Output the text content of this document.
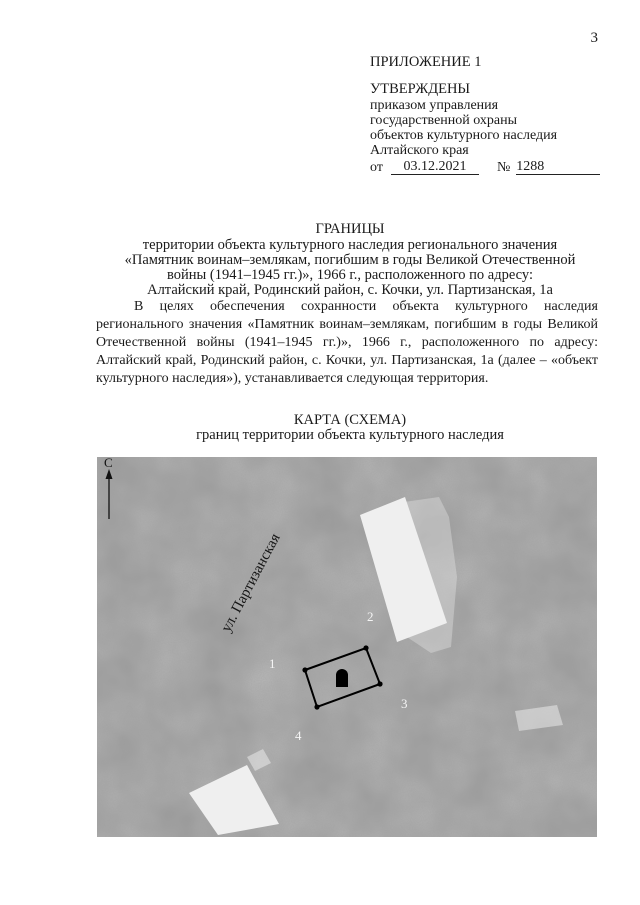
3
ПРИЛОЖЕНИЕ 1
УТВЕРЖДЕНЫ
приказом управления
государственной охраны
объектов культурного наследия
Алтайского края
от	03.12.2021	№ 1288
ГРАНИЦЫ
территории объекта культурного наследия регионального значения
«Памятник воинам–землякам, погибшим в годы Великой Отечественной
войны (1941–1945 гг.)», 1966 г., расположенного по адресу:
Алтайский край, Родинский район, с. Кочки, ул. Партизанская, 1а
В целях обеспечения сохранности объекта культурного наследия регионального значения «Памятник воинам–землякам, погибшим в годы Великой Отечественной войны (1941–1945 гг.)», 1966 г., расположенного по адресу: Алтайский край, Родинский район, с. Кочки, ул. Партизанская, 1а (далее – «объект культурного наследия»), устанавливается следующая территория.
КАРТА (СХЕМА)
границ территории объекта культурного наследия
С
ул. Партизанская
1
2
3
4
